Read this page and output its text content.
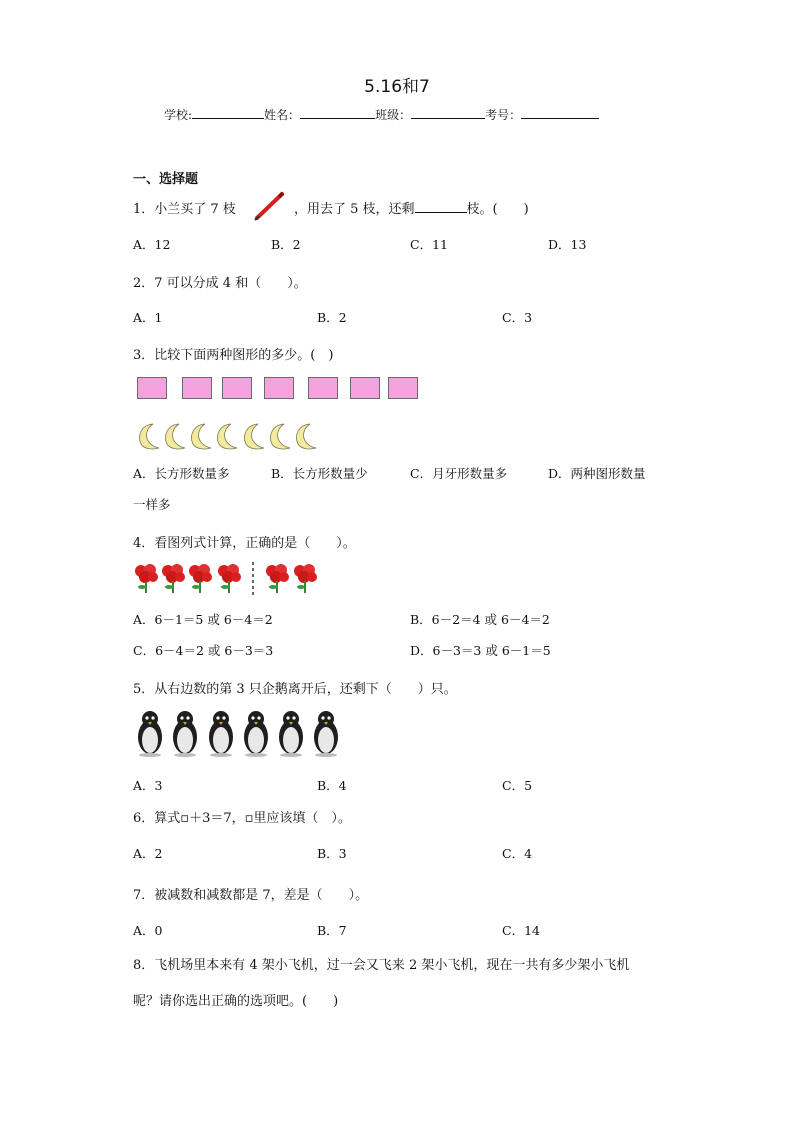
5.16和7
学校:	姓名：	班级：	考号：
一、选择题
1．小兰买了 7 枝	，用去了 5 枝，还剩	枝。(　　)
A．12	B．2	C．11	D．13
2．7 可以分成 4 和（　　）。
A．1	B．2	C．3
3．比较下面两种图形的多少。(　)
A．长方形数量多	B．长方形数量少	C．月牙形数量多	D．两种图形数量
一样多
4．看图列式计算，正确的是（　　）。
A．6－1＝5 或 6－4＝2	B．6－2＝4 或 6－4＝2
C．6－4＝2 或 6－3＝3	D．6－3＝3 或 6－1＝5
5．从右边数的第 3 只企鹅离开后，还剩下（　　）只。
A．3	B．4	C．5
6．算式▫＋3＝7，▫里应该填（　）。
A．2	B．3	C．4
7．被减数和减数都是 7，差是（　　）。
A．0	B．7	C．14
8．飞机场里本来有 4 架小飞机，过一会又飞来 2 架小飞机，现在一共有多少架小飞机
呢？请你选出正确的选项吧。(　　)
